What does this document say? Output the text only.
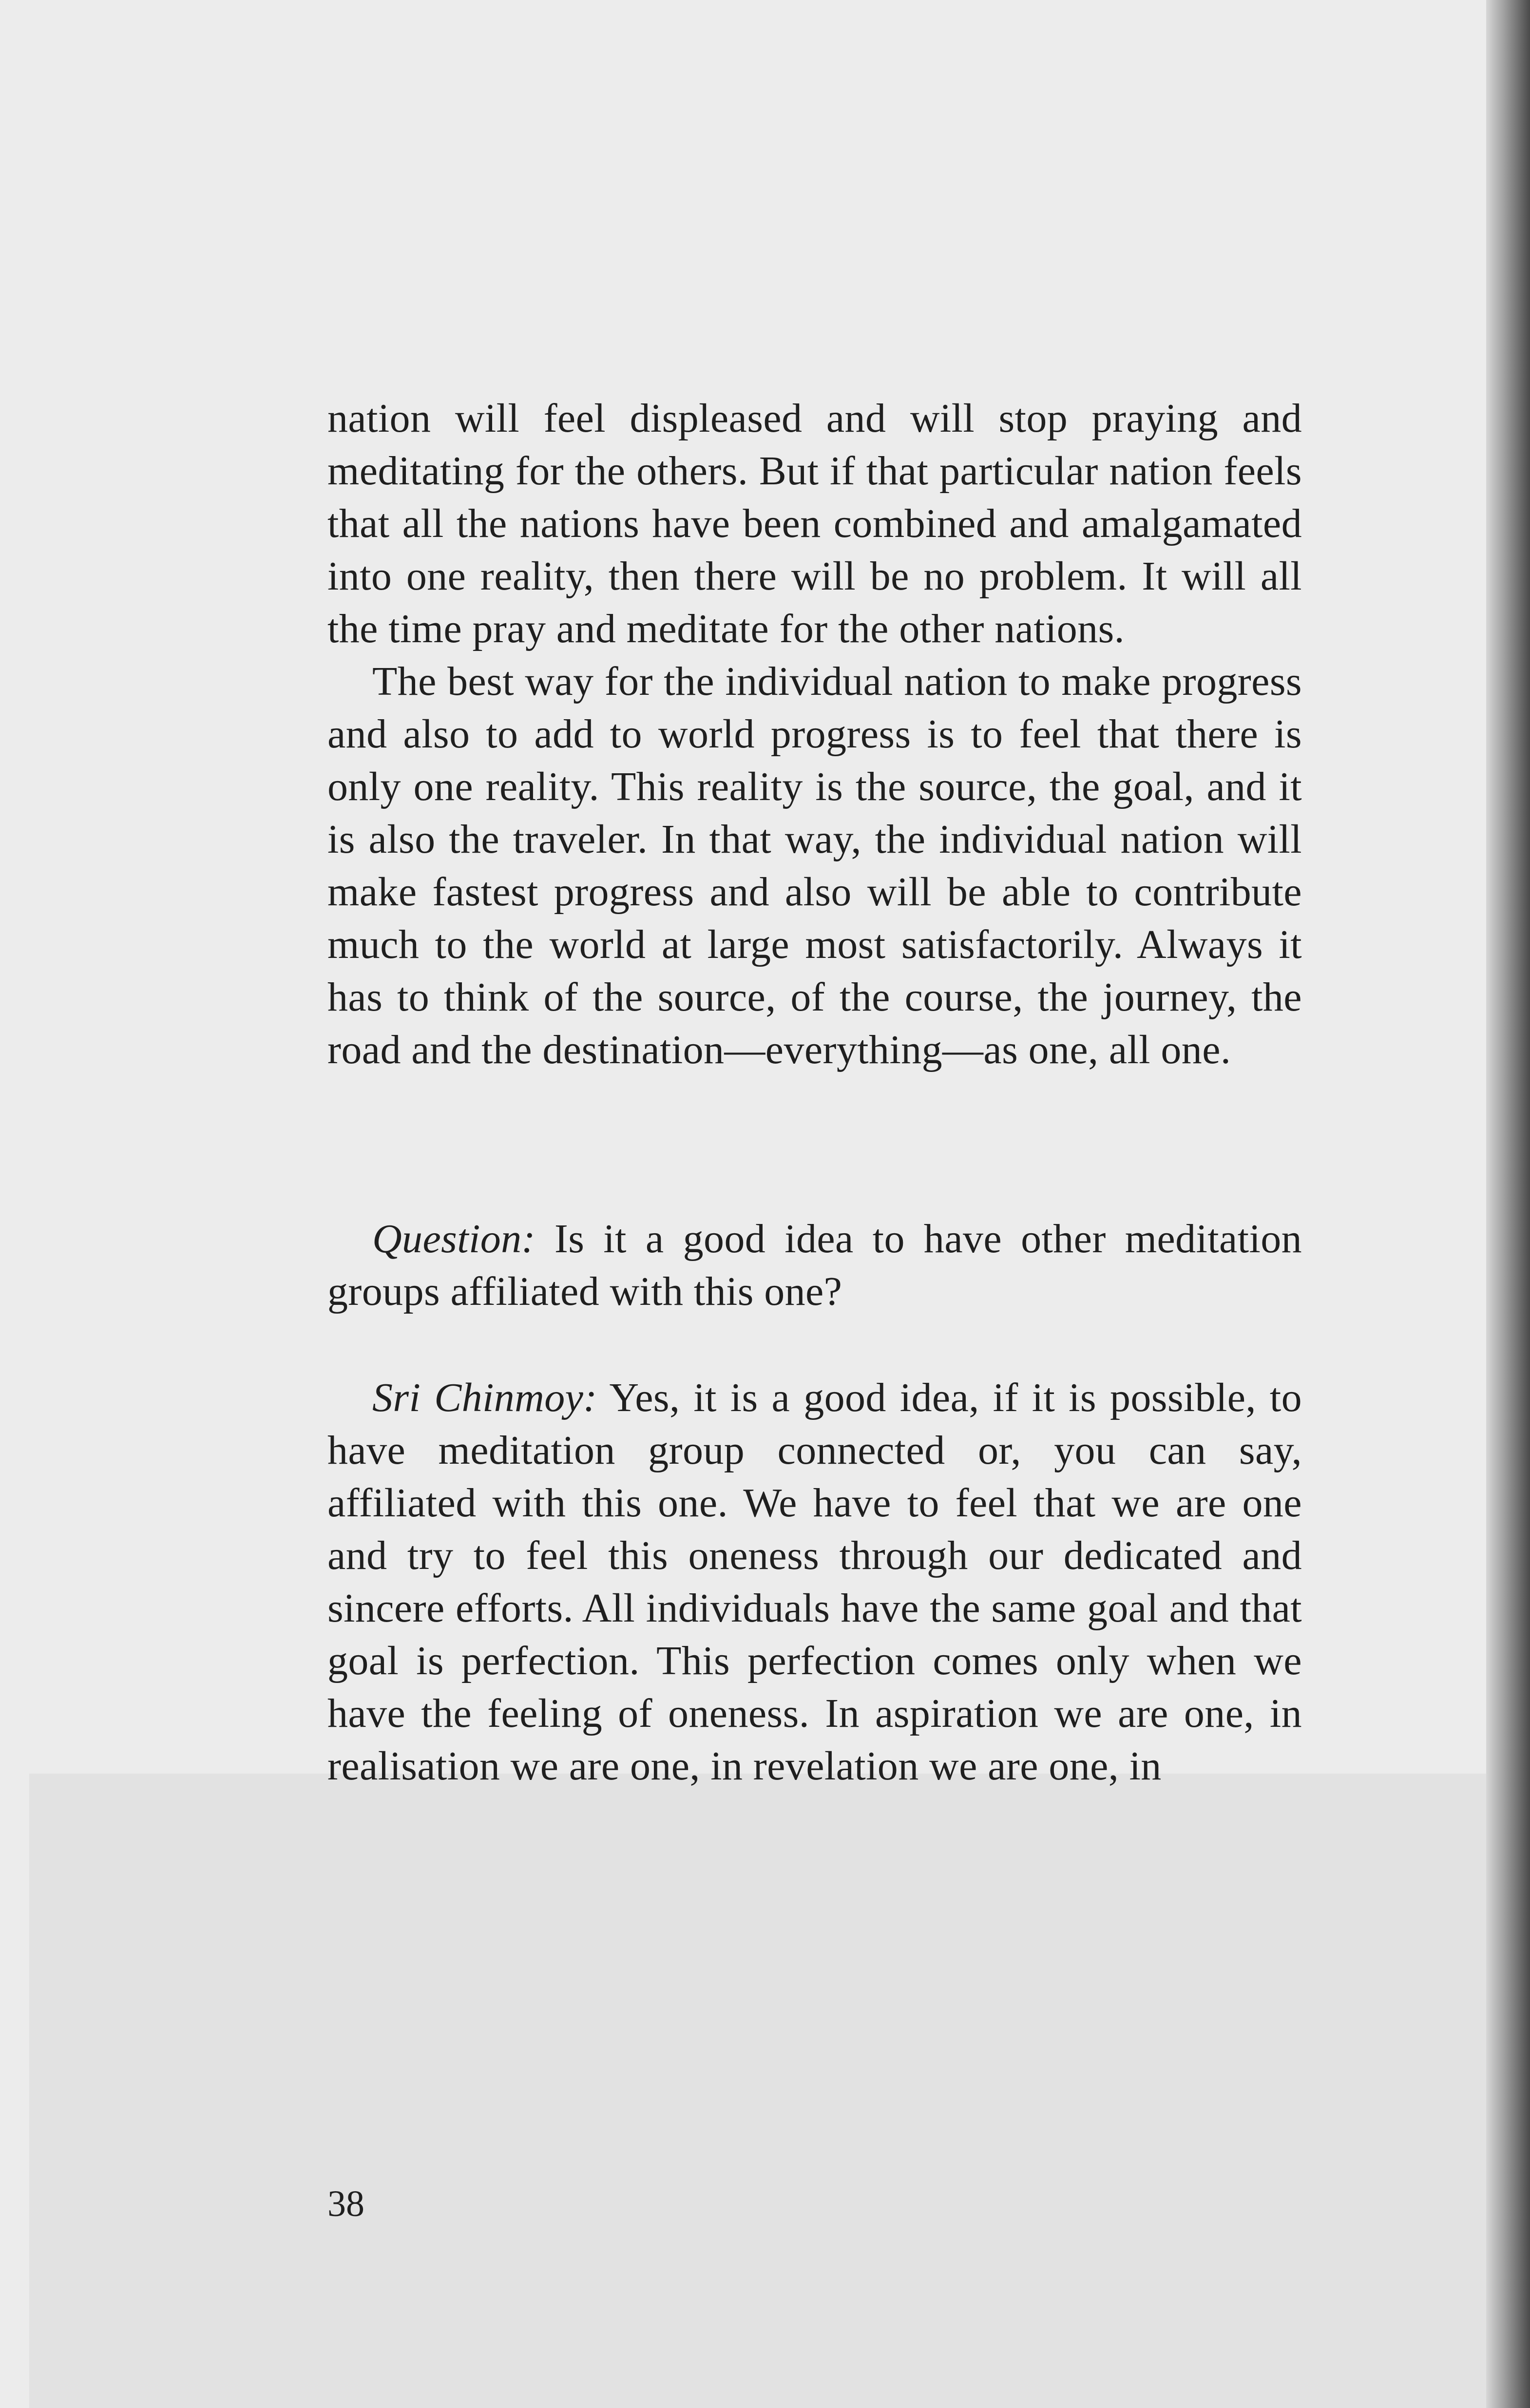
nation will feel displeased and will stop praying and meditating for the others. But if that particular nation feels that all the nations have been combined and amalgamated into one reality, then there will be no problem. It will all the time pray and meditate for the other nations.

The best way for the individual nation to make progress and also to add to world progress is to feel that there is only one reality. This reality is the source, the goal, and it is also the traveler. In that way, the individual nation will make fastest progress and also will be able to contribute much to the world at large most satisfactorily. Always it has to think of the source, of the course, the journey, the road and the destination—everything—as one, all one.

Question: Is it a good idea to have other meditation groups affiliated with this one?

Sri Chinmoy: Yes, it is a good idea, if it is possible, to have meditation group connected or, you can say, affiliated with this one. We have to feel that we are one and try to feel this oneness through our dedicated and sincere efforts. All individuals have the same goal and that goal is perfection. This perfection comes only when we have the feeling of oneness. In aspiration we are one, in realisation we are one, in revelation we are one, in

38
